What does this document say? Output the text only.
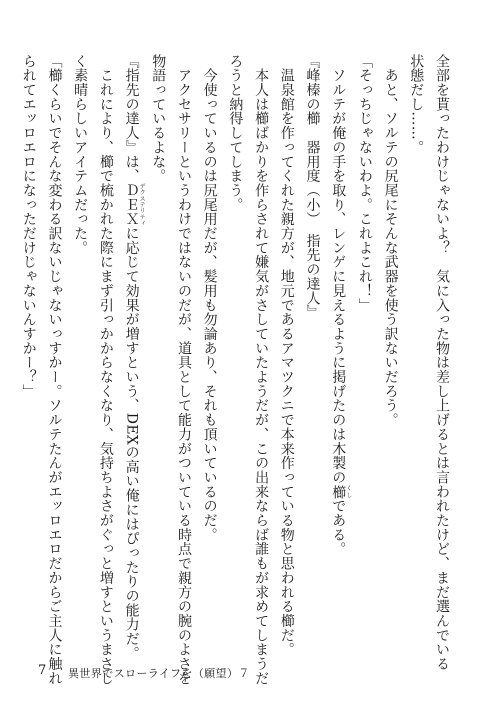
全部を貰ったわけじゃないよ？　気に入った物は差し上げるとは言われたけど、まだ選んでいる

状態だし……。

　あと、ソルテの尻尾にそんな武器を使う訳ないだろう。

「そっちじゃないわよ。これよこれ！」

　ソルテが俺の手を取り、レンゲに見えるように掲げたのは木製の櫛くしである。

『峰榛の櫛　器用度（小）　指先の達人』

　温泉館を作ってくれた親方が、地元であるアマツクニで本来作っている物と思われる櫛だ。

　本人は櫛ばかりを作らされて嫌気がさしていたようだが、この出来ならば誰もが求めてしまうだ

ろうと納得してしまう。

　今使っているのは尻尾用だが、髪用も勿論あり、それも頂いているのだ。

　アクセサリーというわけではないのだが、道具として能力がついている時点で親方の腕のよさを

物語っているよな。

『指先の達人』は、ＤＥＸデクステリティに応じて効果が増すという、DEXの高い俺にはぴったりの能力だ。

　これにより、櫛で梳かれた際にまず引っかからなくなり、気持ちよさがぐっと増すというまさし

く素晴らしいアイテムだった。

「櫛くらいでそんな変わる訳ないじゃないっすかー。ソルテたんがエッロエロだからご主人に触れ

られてエッロエロになっただけじゃないんすかー？」

7 異世界でスローライフを（願望）７
